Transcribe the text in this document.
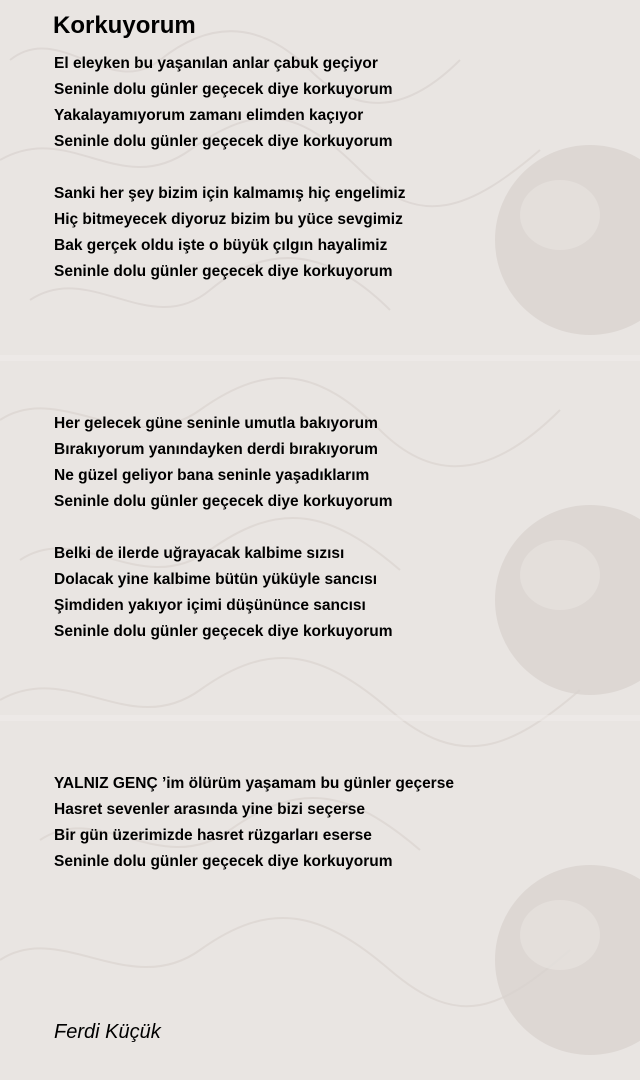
Korkuyorum
El eleyken bu yaşanılan anlar çabuk geçiyor
Seninle dolu günler geçecek diye korkuyorum
Yakalayamıyorum zamanı elimden kaçıyor
Seninle dolu günler geçecek diye korkuyorum
Sanki her şey bizim için kalmamış hiç engelimiz
Hiç bitmeyecek diyoruz bizim bu yüce sevgimiz
Bak gerçek oldu işte o büyük çılgın hayalimiz
Seninle dolu günler geçecek diye korkuyorum
Her gelecek güne seninle umutla bakıyorum
Bırakıyorum yanındayken derdi bırakıyorum
Ne güzel geliyor bana seninle yaşadıklarım
Seninle dolu günler geçecek diye korkuyorum
Belki de ilerde uğrayacak kalbime sızısı
Dolacak yine kalbime bütün yüküyle sancısı
Şimdiden yakıyor içimi düşününce sancısı
Seninle dolu günler geçecek diye korkuyorum
YALNIZ GENÇ ’im ölürüm yaşamam bu günler geçerse
Hasret sevenler arasında yine bizi seçerse
Bir gün üzerimizde hasret rüzgarları eserse
Seninle dolu günler geçecek diye korkuyorum
Ferdi Küçük
